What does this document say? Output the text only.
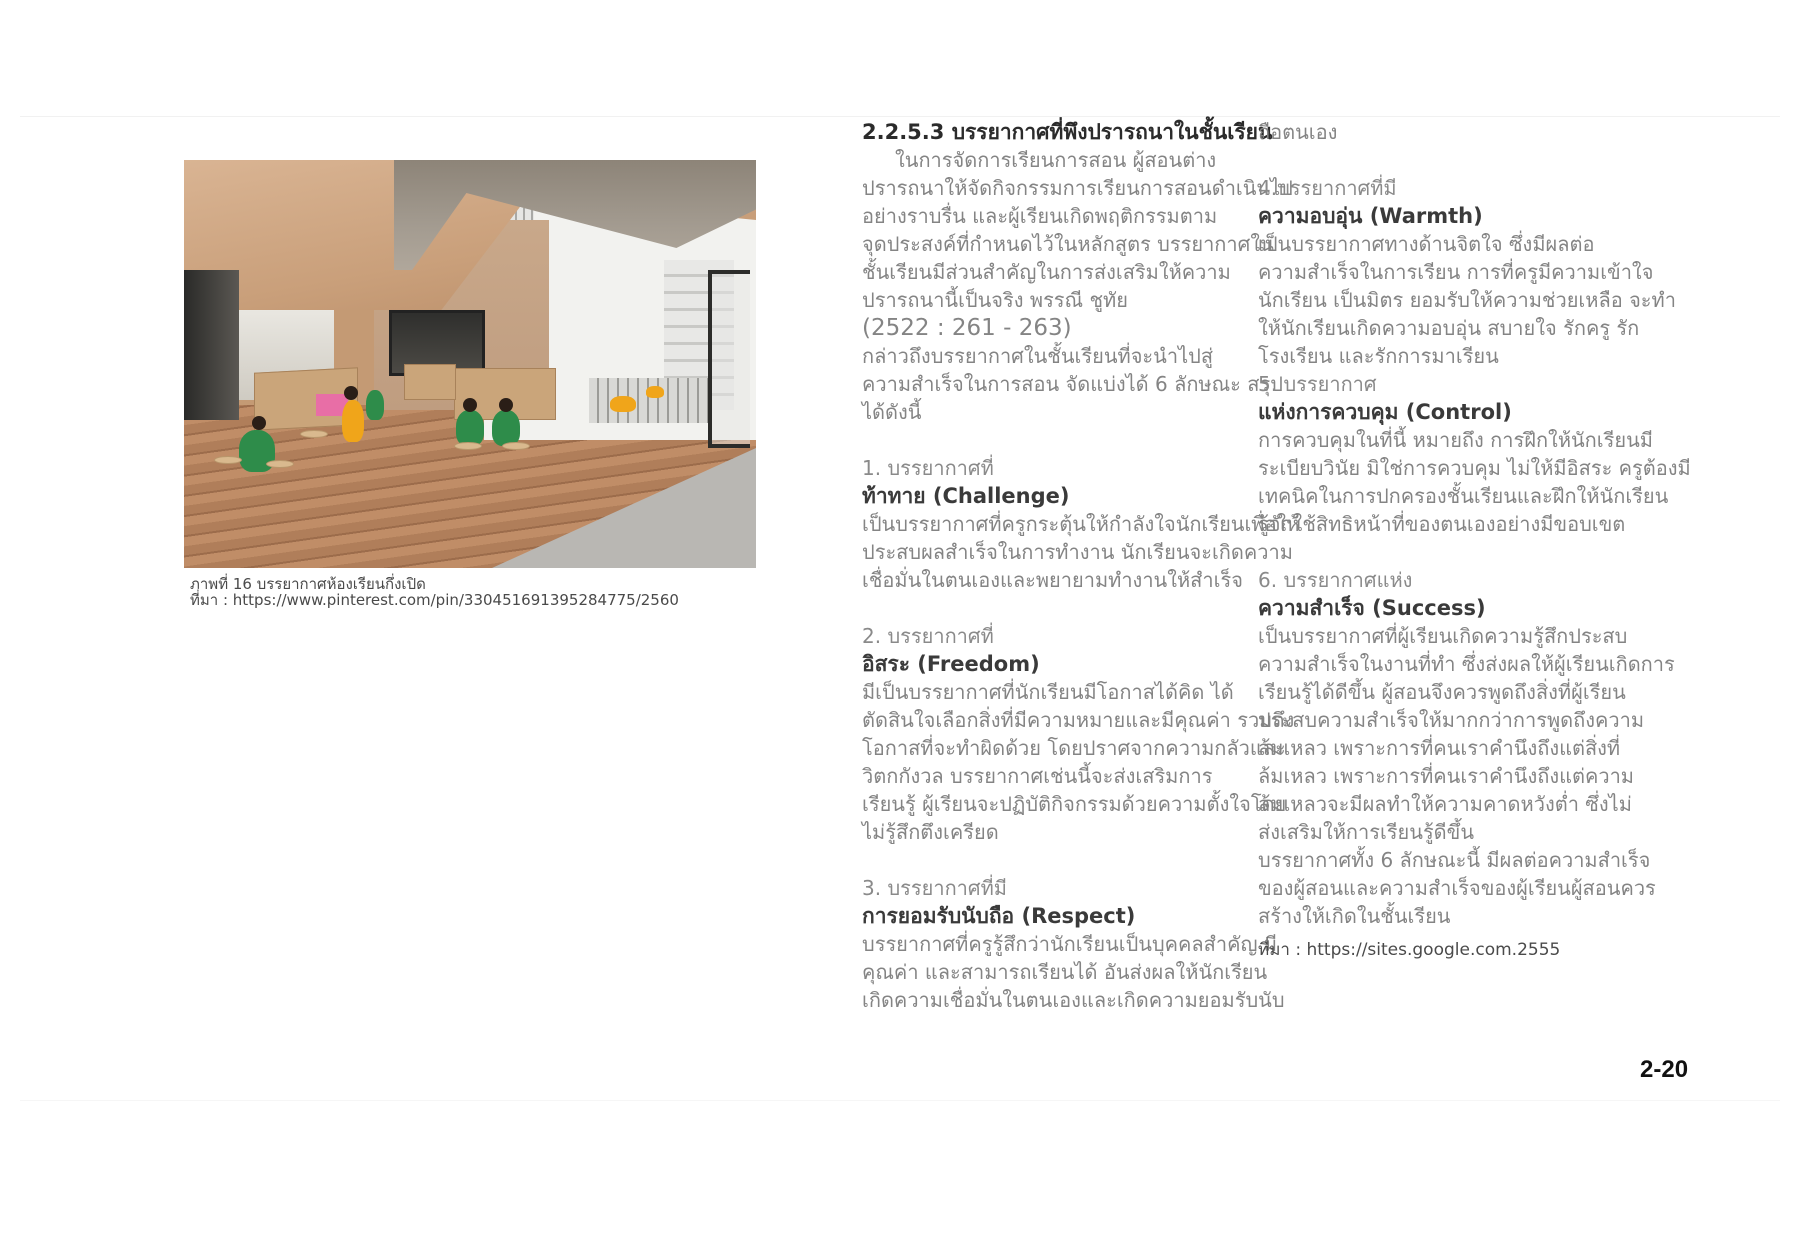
ภาพที่ 16 บรรยากาศห้องเรียนกึ่งเปิด
ที่มา : https://www.pinterest.com/pin/330451691395284775/2560

2.2.5.3 บรรยากาศที่พึงปรารถนาในชั้นเรียน

ในการจัดการเรียนการสอน ผู้สอนต่าง

ปรารถนาให้จัดกิจกรรมการเรียนการสอนดำเนินไป

อย่างราบรื่น และผู้เรียนเกิดพฤติกรรมตาม

จุดประสงค์ที่กำหนดไว้ในหลักสูตร บรรยากาศใน

ชั้นเรียนมีส่วนสำคัญในการส่งเสริมให้ความ

ปรารถนานี้เป็นจริง พรรณี ชูทัย

(2522 : 261 - 263)

กล่าวถึงบรรยากาศในชั้นเรียนที่จะนำไปสู่

ความสำเร็จในการสอน จัดแบ่งได้ 6 ลักษณะ สรุป

ได้ดังนี้

1. บรรยากาศที่

ท้าทาย (Challenge)

เป็นบรรยากาศที่ครูกระตุ้นให้กำลังใจนักเรียนเพื่อให้

ประสบผลสำเร็จในการทำงาน นักเรียนจะเกิดความ

เชื่อมั่นในตนเองและพยายามทำงานให้สำเร็จ

2. บรรยากาศที่

อิสระ (Freedom)

มีเป็นบรรยากาศที่นักเรียนมีโอกาสได้คิด ได้

ตัดสินใจเลือกสิ่งที่มีความหมายและมีคุณค่า รวมถึง

โอกาสที่จะทำผิดด้วย โดยปราศจากความกลัวและ

วิตกกังวล บรรยากาศเช่นนี้จะส่งเสริมการ

เรียนรู้ ผู้เรียนจะปฏิบัติกิจกรรมด้วยความตั้งใจโดย

ไม่รู้สึกตึงเครียด

3. บรรยากาศที่มี

การยอมรับนับถือ (Respect)

บรรยากาศที่ครูรู้สึกว่านักเรียนเป็นบุคคลสำคัญ มี

คุณค่า และสามารถเรียนได้ อันส่งผลให้นักเรียน

เกิดความเชื่อมั่นในตนเองและเกิดความยอมรับนับ

ถือตนเอง

4.บรรยากาศที่มี

ความอบอุ่น (Warmth)

เป็นบรรยากาศทางด้านจิตใจ ซึ่งมีผลต่อ

ความสำเร็จในการเรียน การที่ครูมีความเข้าใจ

นักเรียน เป็นมิตร ยอมรับให้ความช่วยเหลือ จะทำ

ให้นักเรียนเกิดความอบอุ่น สบายใจ รักครู รัก

โรงเรียน และรักการมาเรียน

5. บรรยากาศ

แห่งการควบคุม (Control)

การควบคุมในที่นี้ หมายถึง การฝึกให้นักเรียนมี

ระเบียบวินัย มิใช่การควบคุม ไม่ให้มีอิสระ ครูต้องมี

เทคนิคในการปกครองชั้นเรียนและฝึกให้นักเรียน

รู้จักใช้สิทธิหน้าที่ของตนเองอย่างมีขอบเขต

6. บรรยากาศแห่ง

ความสำเร็จ (Success)

เป็นบรรยากาศที่ผู้เรียนเกิดความรู้สึกประสบ

ความสำเร็จในงานที่ทำ ซึ่งส่งผลให้ผู้เรียนเกิดการ

เรียนรู้ได้ดีขึ้น ผู้สอนจึงควรพูดถึงสิ่งที่ผู้เรียน

ประสบความสำเร็จให้มากกว่าการพูดถึงความ

ล้มเหลว เพราะการที่คนเราคำนึงถึงแต่สิ่งที่

ล้มเหลว เพราะการที่คนเราคำนึงถึงแต่ความ

ล้มเหลวจะมีผลทำให้ความคาดหวังต่ำ ซึ่งไม่

ส่งเสริมให้การเรียนรู้ดีขึ้น

บรรยากาศทั้ง 6 ลักษณะนี้ มีผลต่อความสำเร็จ

ของผู้สอนและความสำเร็จของผู้เรียนผู้สอนควร

สร้างให้เกิดในชั้นเรียน

ที่มา : https://sites.google.com.2555

2-20
